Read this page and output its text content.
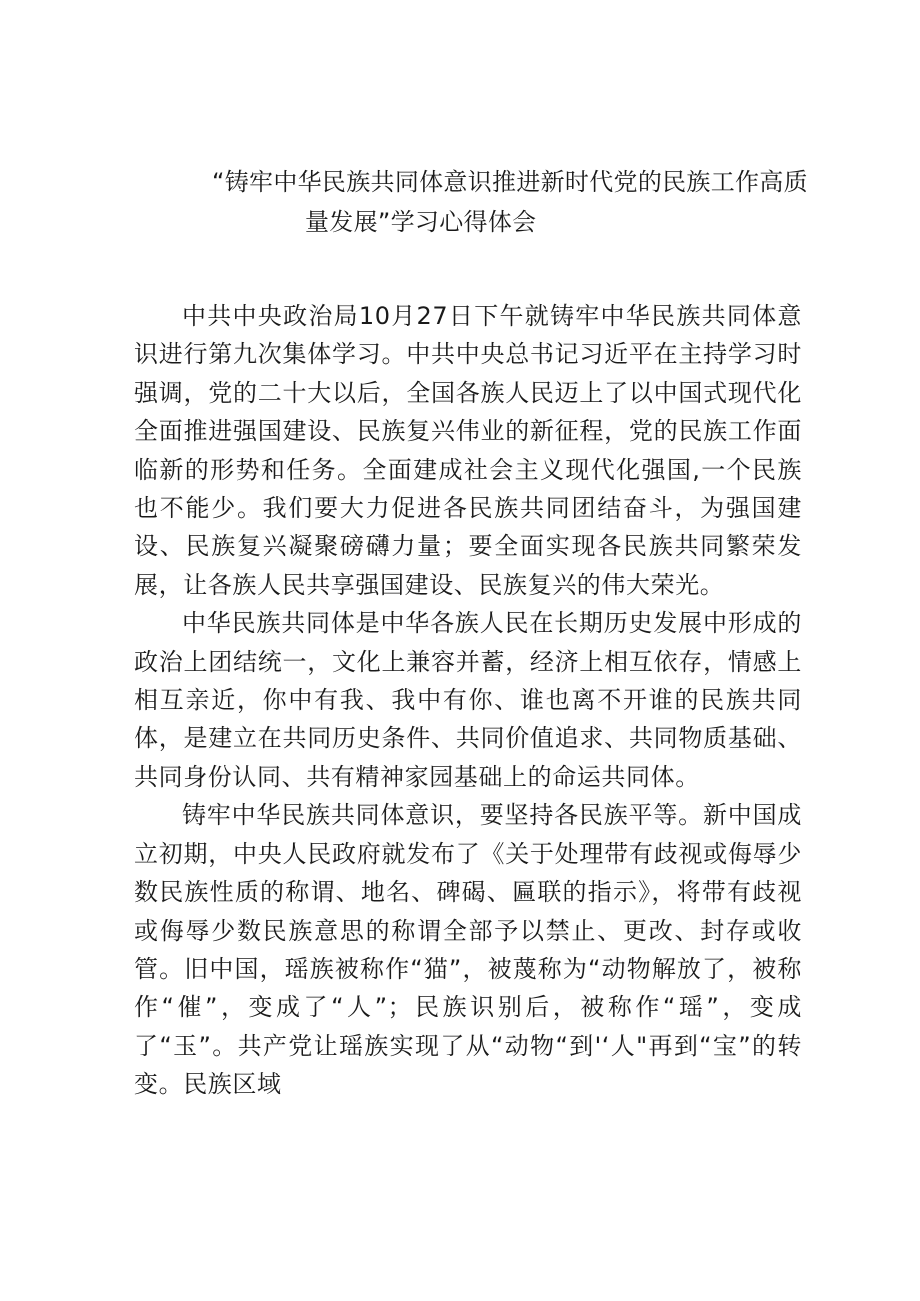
“铸牢中华民族共同体意识推进新时代党的民族工作高质
量发展”学习心得体会

中共中央政治局10月27日下午就铸牢中华民族共同体意识进行第九次集体学习。中共中央总书记习近平在主持学习时强调，党的二十大以后，全国各族人民迈上了以中国式现代化全面推进强国建设、民族复兴伟业的新征程，党的民族工作面临新的形势和任务。全面建成社会主义现代化强国,一个民族也不能少。我们要大力促进各民族共同团结奋斗，为强国建设、民族复兴凝聚磅礴力量；要全面实现各民族共同繁荣发展，让各族人民共享强国建设、民族复兴的伟大荣光。

中华民族共同体是中华各族人民在长期历史发展中形成的政治上团结统一，文化上兼容并蓄，经济上相互依存，情感上相互亲近，你中有我、我中有你、谁也离不开谁的民族共同体，是建立在共同历史条件、共同价值追求、共同物质基础、共同身份认同、共有精神家园基础上的命运共同体。

铸牢中华民族共同体意识，要坚持各民族平等。新中国成立初期，中央人民政府就发布了《关于处理带有歧视或侮辱少数民族性质的称谓、地名、碑碣、匾联的指示》，将带有歧视或侮辱少数民族意思的称谓全部予以禁止、更改、封存或收管。旧中国，瑶族被称作“猫”，被蔑称为“动物解放了，被称作“催”，变成了“人”；民族识别后，被称作“瑶”，变成了“玉”。共产党让瑶族实现了从“动物“到'‘人"再到“宝”的转变。民族区域
